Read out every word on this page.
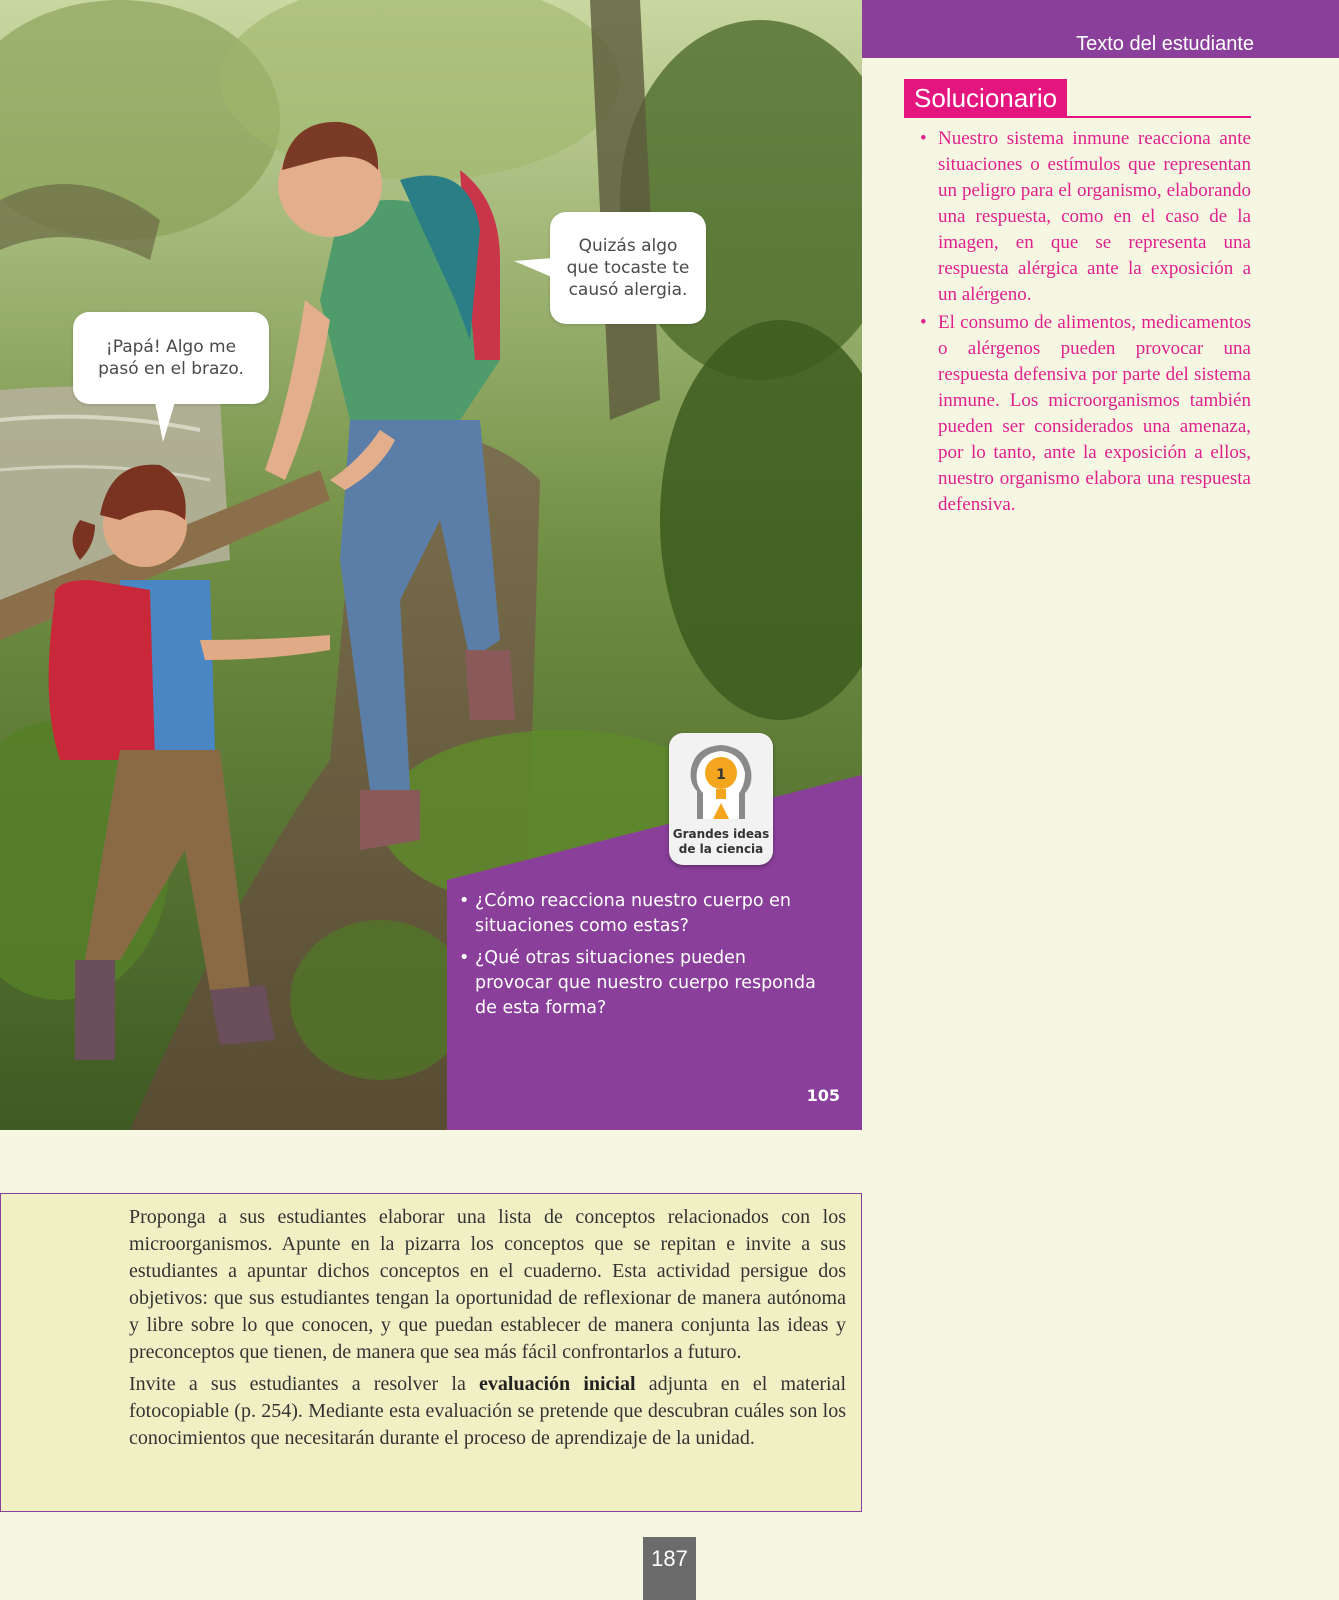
¡Papá! Algo me
pasó en el brazo.
Quizás algo
que tocaste te
causó alergia.
1
Grandes ideas
de la ciencia
• ¿Cómo reacciona nuestro cuerpo en situaciones como estas?
• ¿Qué otras situaciones pueden provocar que nuestro cuerpo responda de esta forma?
105
Texto del estudiante
Solucionario
• Nuestro sistema inmune reacciona ante situaciones o estímulos que representan un peligro para el organismo, elaborando una respuesta, como en el caso de la imagen, en que se representa una respuesta alérgica ante la exposición a un alérgeno.
• El consumo de alimentos, medicamentos o alérgenos pueden provocar una respuesta defensiva por parte del sistema inmune. Los microorganismos también pueden ser considerados una amenaza, por lo tanto, ante la exposición a ellos, nuestro organismo elabora una respuesta defensiva.

Proponga a sus estudiantes elaborar una lista de conceptos relacionados con los microorganismos. Apunte en la pizarra los conceptos que se repitan e invite a sus estudiantes a apuntar dichos conceptos en el cuaderno. Esta actividad persigue dos objetivos: que sus estudiantes tengan la oportunidad de reflexionar de manera autónoma y libre sobre lo que conocen, y que puedan establecer de manera conjunta las ideas y preconceptos que tienen, de manera que sea más fácil confrontarlos a futuro.

Invite a sus estudiantes a resolver la evaluación inicial adjunta en el material fotocopiable (p. 254). Mediante esta evaluación se pretende que descubran cuáles son los conocimientos que necesitarán durante el proceso de aprendizaje de la unidad.

187
